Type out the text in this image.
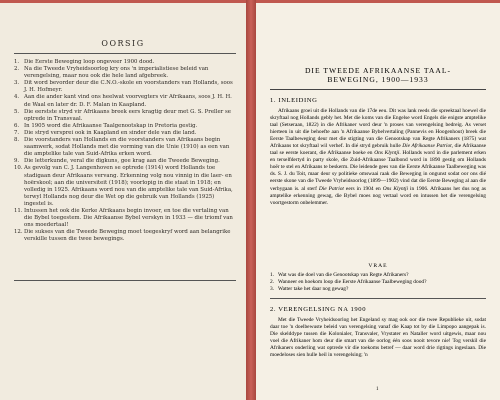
OORSIG
1. Die Eerste Beweging loop ongeveer 1900 dood.
2. Na die Tweede Vryheidsoorlog kry ons 'n imperialistiese beleid van verengelsing, maar nou ook die hele land afgebreek.
3. Dit word bevorder deur die C.N.O.-skole en voorstanders van Hollands, soos J. H. Hofmeyr.
4. Aan die ander kant vind ons heelwat voorvegters vir Afrikaans, soos J. H. H. de Waal en later dr. D. F. Malan in Kaapland.
5. Die eerstste stryd vir Afrikaans breek eers kragtig deur met G. S. Preller se optrede in Transvaal.
6. In 1905 word die Afrikaanse Taalgenootskap in Pretoria gestig.
7. Die stryd versprei ook in Kaapland en sinder dele van die land.
8. Die voorstanders van Hollands en die voorstanders van Afrikaans begin saamwerk, sodat Hollands met die vorming van die Unie (1910) as een van die amptelike tale van Suid-Afrika erken word.
9. Die letterkunde, veral die digkuns, gee krag aan die Tweede Beweging.
10.As gevolg van C. J. Langenhoven se optrede (1914) word Hollands toe stadigaan deur Afrikaans vervang. Erkenning volg nou vinnig in die laer- en hoërskool; aan die universiteit (1918); voorlopig in die staat in 1918; en volledig in 1925. Afrikaans word nou van die amptelike tale van Suid-Afrika, terwyl Hollands nog deur die Wet op die gebruik van Hollands (1925) ingestel is.
11.Intussen het ook die Kerke Afrikaans begin invoer, en toe die vertaling van die Bybel toegestem. Die Afrikaanse Bybel verskyn in 1933 — die triomf van ons moedertaal!
12.Die sukses van die Tweede Beweging moet toegeskryf word aan belangrike verskille tussen die twee bewegings.
DIE TWEEDE AFRIKAANSE TAAL-
BEWEGING, 1900—1933
1. INLEIDING
Afrikaans groei uit die Hollands van die 17de eeu. Dit was lank reeds die spreektaal hoewel die skryftaal nog Hollands gebly het. Met die koms van die Engelse word Engels die enigste amptelike taal (Setseraan, 1822) in die Afrikaner word deur 'n proses van verengelsing bedreig. As verset hierteen in uit die behoefte aan 'n Afrikaanse Bybelvertaling (Pannevis en Hoogenhout) breek die Eerste Taalbeweging deur met die stigting van die Genootskap van Regte Afrikaners (1875) wat Afrikaans tot skryftaal wil verhef. In dié stryd gebruik hulle Die Afrikaanse Patriot, die Afrikaanse taal se eerste koerant, die Afrikaanse boeke en Ons Klyntji. Hollands word in die parlement erken en terselfdertyd in party skole, die Zuid-Afrikaanse Taalbond word in 1890 gestig om Hollands hoër te stel en Afrikaans te beskerm. Die leidende gees van die Eerste Afrikaanse Taalbeweging was ds. S. J. du Toit, maar deur sy politieke omswaai raak die Beweging in ongunst sodat oor ons dié eerste skone van die Tweede Vryheidsoorlog (1899—1902) vind dat die Eerste Beweging al aan die verbygaan is. al sterf Die Patriot eers in 1904 en Ons Klyntji in 1906. Afrikaans het dus nog as amptelike erkenning gewag, die Bybel moes nog vertaal word en intussen het die verengelsing voortgestorm onbelemmer.
VRAE
1. Wat was die doel van die Genootskap van Regte Afrikaners?
2. Wanneer en hoekom loop die Eerste Afrikaanse Taalbeweging dood?
3. Watter take het daar nog gewag?
2. VERENGELSING NA 1900
Met die Tweede Vryheidsoorlog het Engeland sy mag ook oor die twee Republieke uit, sodat daar toe 'n doelbewuste beleid van verengelsing vanaf die Kaap tot by die Limpopo aangepak is. Die skelddype tussen die Kolonialer, Transvaler, Vrystater en Nataller word uitgewis, maar nou voel die Afrikaner hom deur die smart van die oorlog één soos nooit tevore nie! Tog verskil die Afrikaners onderling wat optrede vir die toekoms betref — daar word drie rigtings ingeslaan. Die moedeloses sien hulle heil in verengelsing; 'n
1
